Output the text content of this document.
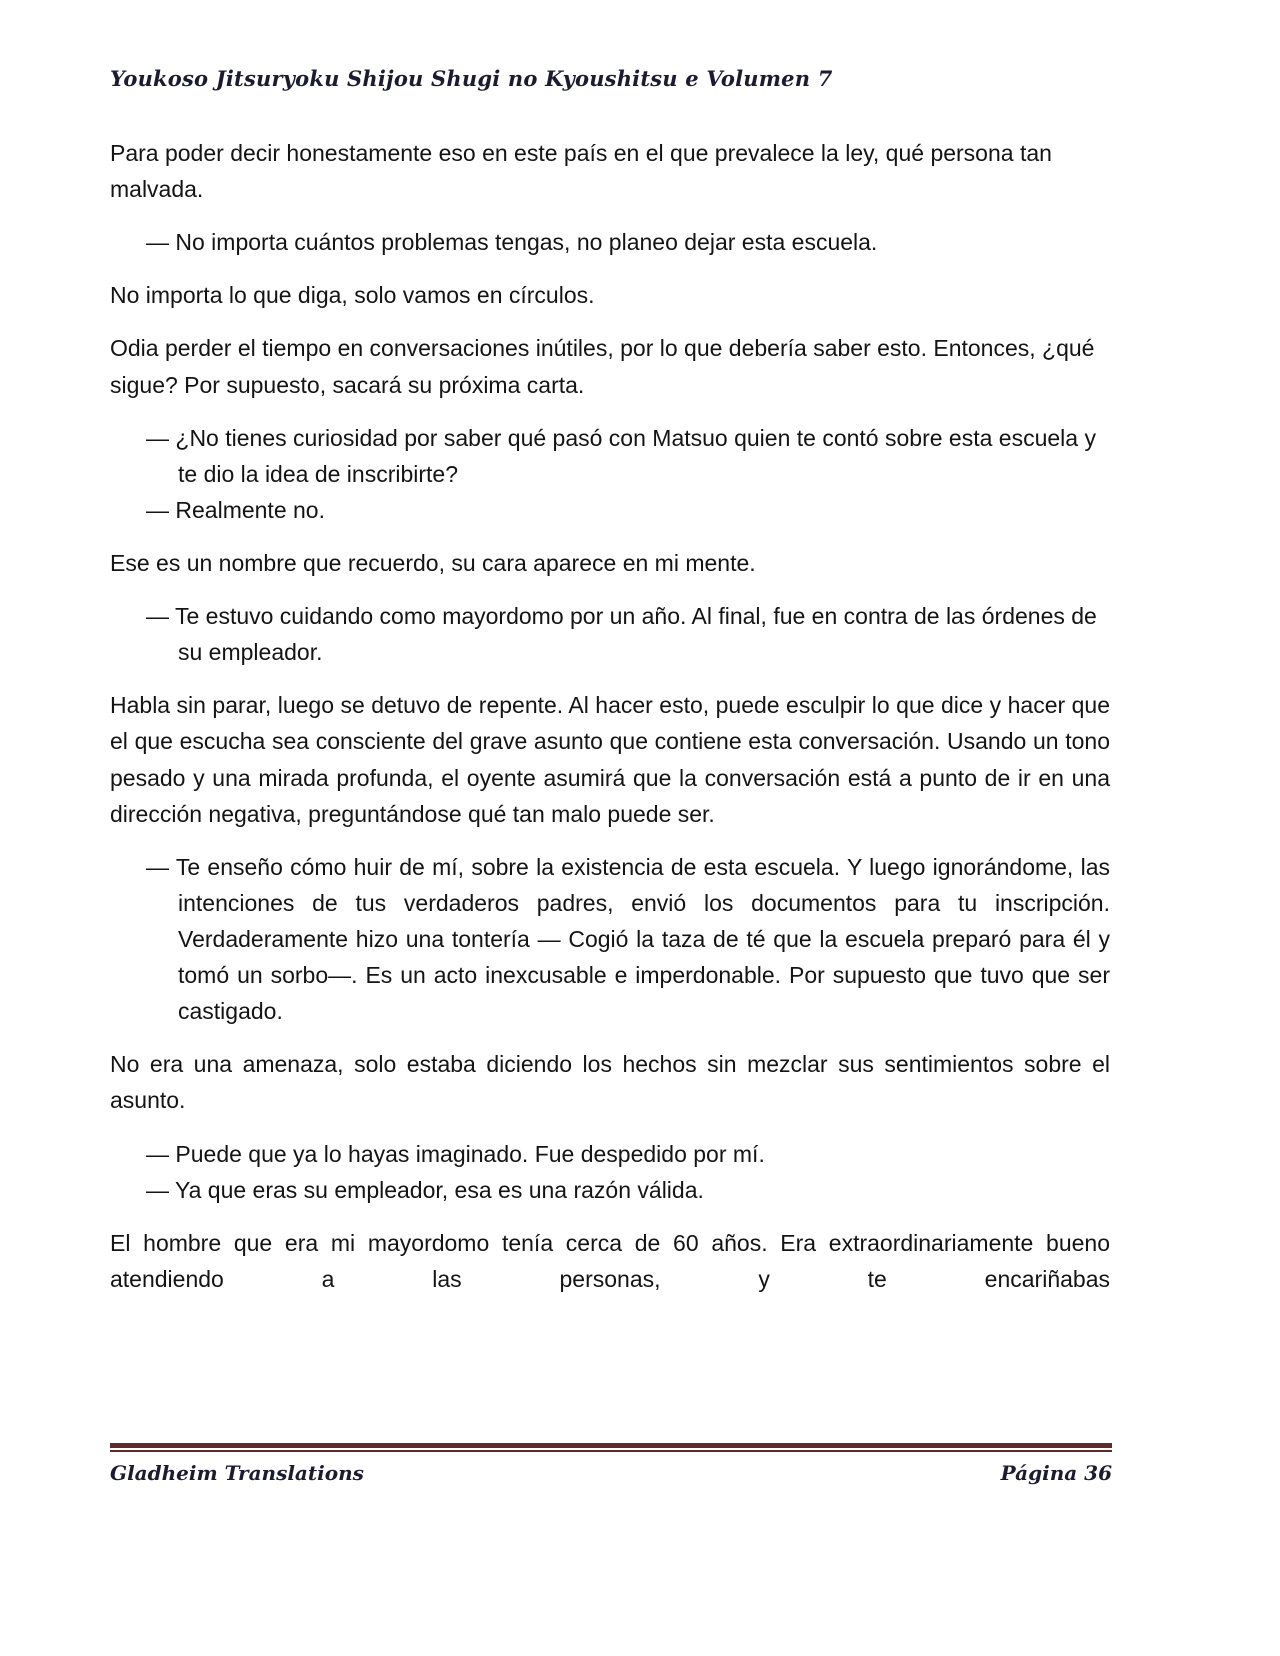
Youkoso Jitsuryoku Shijou Shugi no Kyoushitsu e Volumen 7

Para poder decir honestamente eso en este país en el que prevalece la ley, qué persona tan malvada.

— No importa cuántos problemas tengas, no planeo dejar esta escuela.

No importa lo que diga, solo vamos en círculos.

Odia perder el tiempo en conversaciones inútiles, por lo que debería saber esto. Entonces, ¿qué sigue? Por supuesto, sacará su próxima carta.

— ¿No tienes curiosidad por saber qué pasó con Matsuo quien te contó sobre esta escuela y te dio la idea de inscribirte?

— Realmente no.

Ese es un nombre que recuerdo, su cara aparece en mi mente.

— Te estuvo cuidando como mayordomo por un año. Al final, fue en contra de las órdenes de su empleador.

Habla sin parar, luego se detuvo de repente. Al hacer esto, puede esculpir lo que dice y hacer que el que escucha sea consciente del grave asunto que contiene esta conversación. Usando un tono pesado y una mirada profunda, el oyente asumirá que la conversación está a punto de ir en una dirección negativa, preguntándose qué tan malo puede ser.

— Te enseño cómo huir de mí, sobre la existencia de esta escuela. Y luego ignorándome, las intenciones de tus verdaderos padres, envió los documentos para tu inscripción. Verdaderamente hizo una tontería — Cogió la taza de té que la escuela preparó para él y tomó un sorbo—. Es un acto inexcusable e imperdonable. Por supuesto que tuvo que ser castigado.

No era una amenaza, solo estaba diciendo los hechos sin mezclar sus sentimientos sobre el asunto.

— Puede que ya lo hayas imaginado. Fue despedido por mí.

— Ya que eras su empleador, esa es una razón válida.

El hombre que era mi mayordomo tenía cerca de 60 años. Era extraordinariamente bueno atendiendo a las personas, y te encariñabas

Gladheim Translations	Página 36
